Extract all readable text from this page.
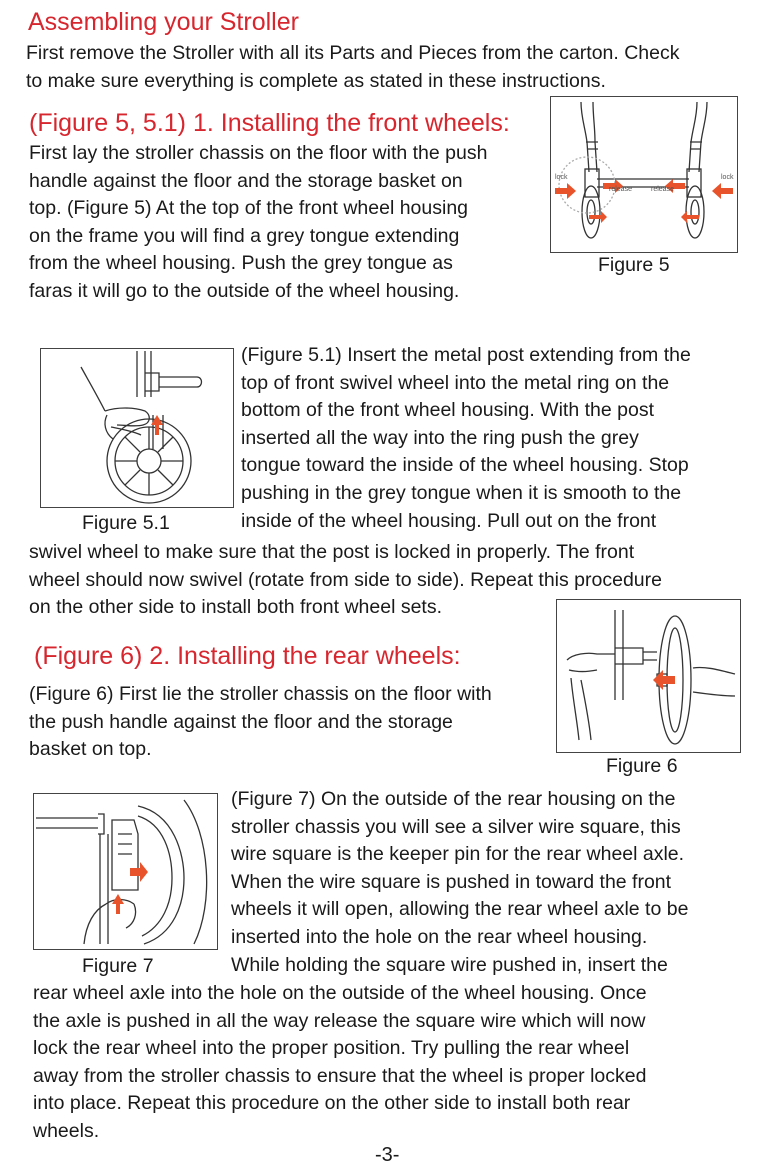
Assembling your Stroller
First remove the Stroller with all its Parts and Pieces from the carton. Check
to make sure everything is complete as stated in these instructions.
(Figure 5, 5.1) 1. Installing the front wheels:
First lay the stroller chassis on the floor with the push
handle against the floor and the storage basket on
top. (Figure 5) At the top of the front wheel housing
on the frame you will find a grey tongue extending
from the wheel housing. Push the grey tongue as
faras it will go to the outside of the wheel housing.
lock
release	release
lock
Figure 5
Figure 5.1
(Figure 5.1) Insert the metal post extending from the
top of front swivel wheel into the metal ring on the
bottom of the front wheel housing. With the post
inserted all the way into the ring push the grey
tongue toward the inside of the wheel housing. Stop
pushing in the grey tongue when it is smooth to the
inside of the wheel housing. Pull out on the front
swivel wheel to make sure that the post is locked in properly. The front
wheel should now swivel (rotate from side to side). Repeat this procedure
on the other side to install both front wheel sets.
(Figure 6) 2. Installing the rear wheels:
(Figure 6) First lie the stroller chassis on the floor with
the push handle against the floor and the storage
basket on top.
Figure 6
Figure 7
(Figure 7) On the outside of the rear housing on the
stroller chassis you will see a silver wire square, this
wire square is the keeper pin for the rear wheel axle.
When the wire square is pushed in toward the front
wheels it will open, allowing the rear wheel axle to be
inserted into the hole on the rear wheel housing.
While holding the square wire pushed in, insert the
rear wheel axle into the hole on the outside of the wheel housing. Once
the axle is pushed in all the way release the square wire which will now
lock the rear wheel into the proper position. Try pulling the rear wheel
away from the stroller chassis to ensure that the wheel is proper locked
into place. Repeat this procedure on the other side to install both rear
wheels.
-3-
